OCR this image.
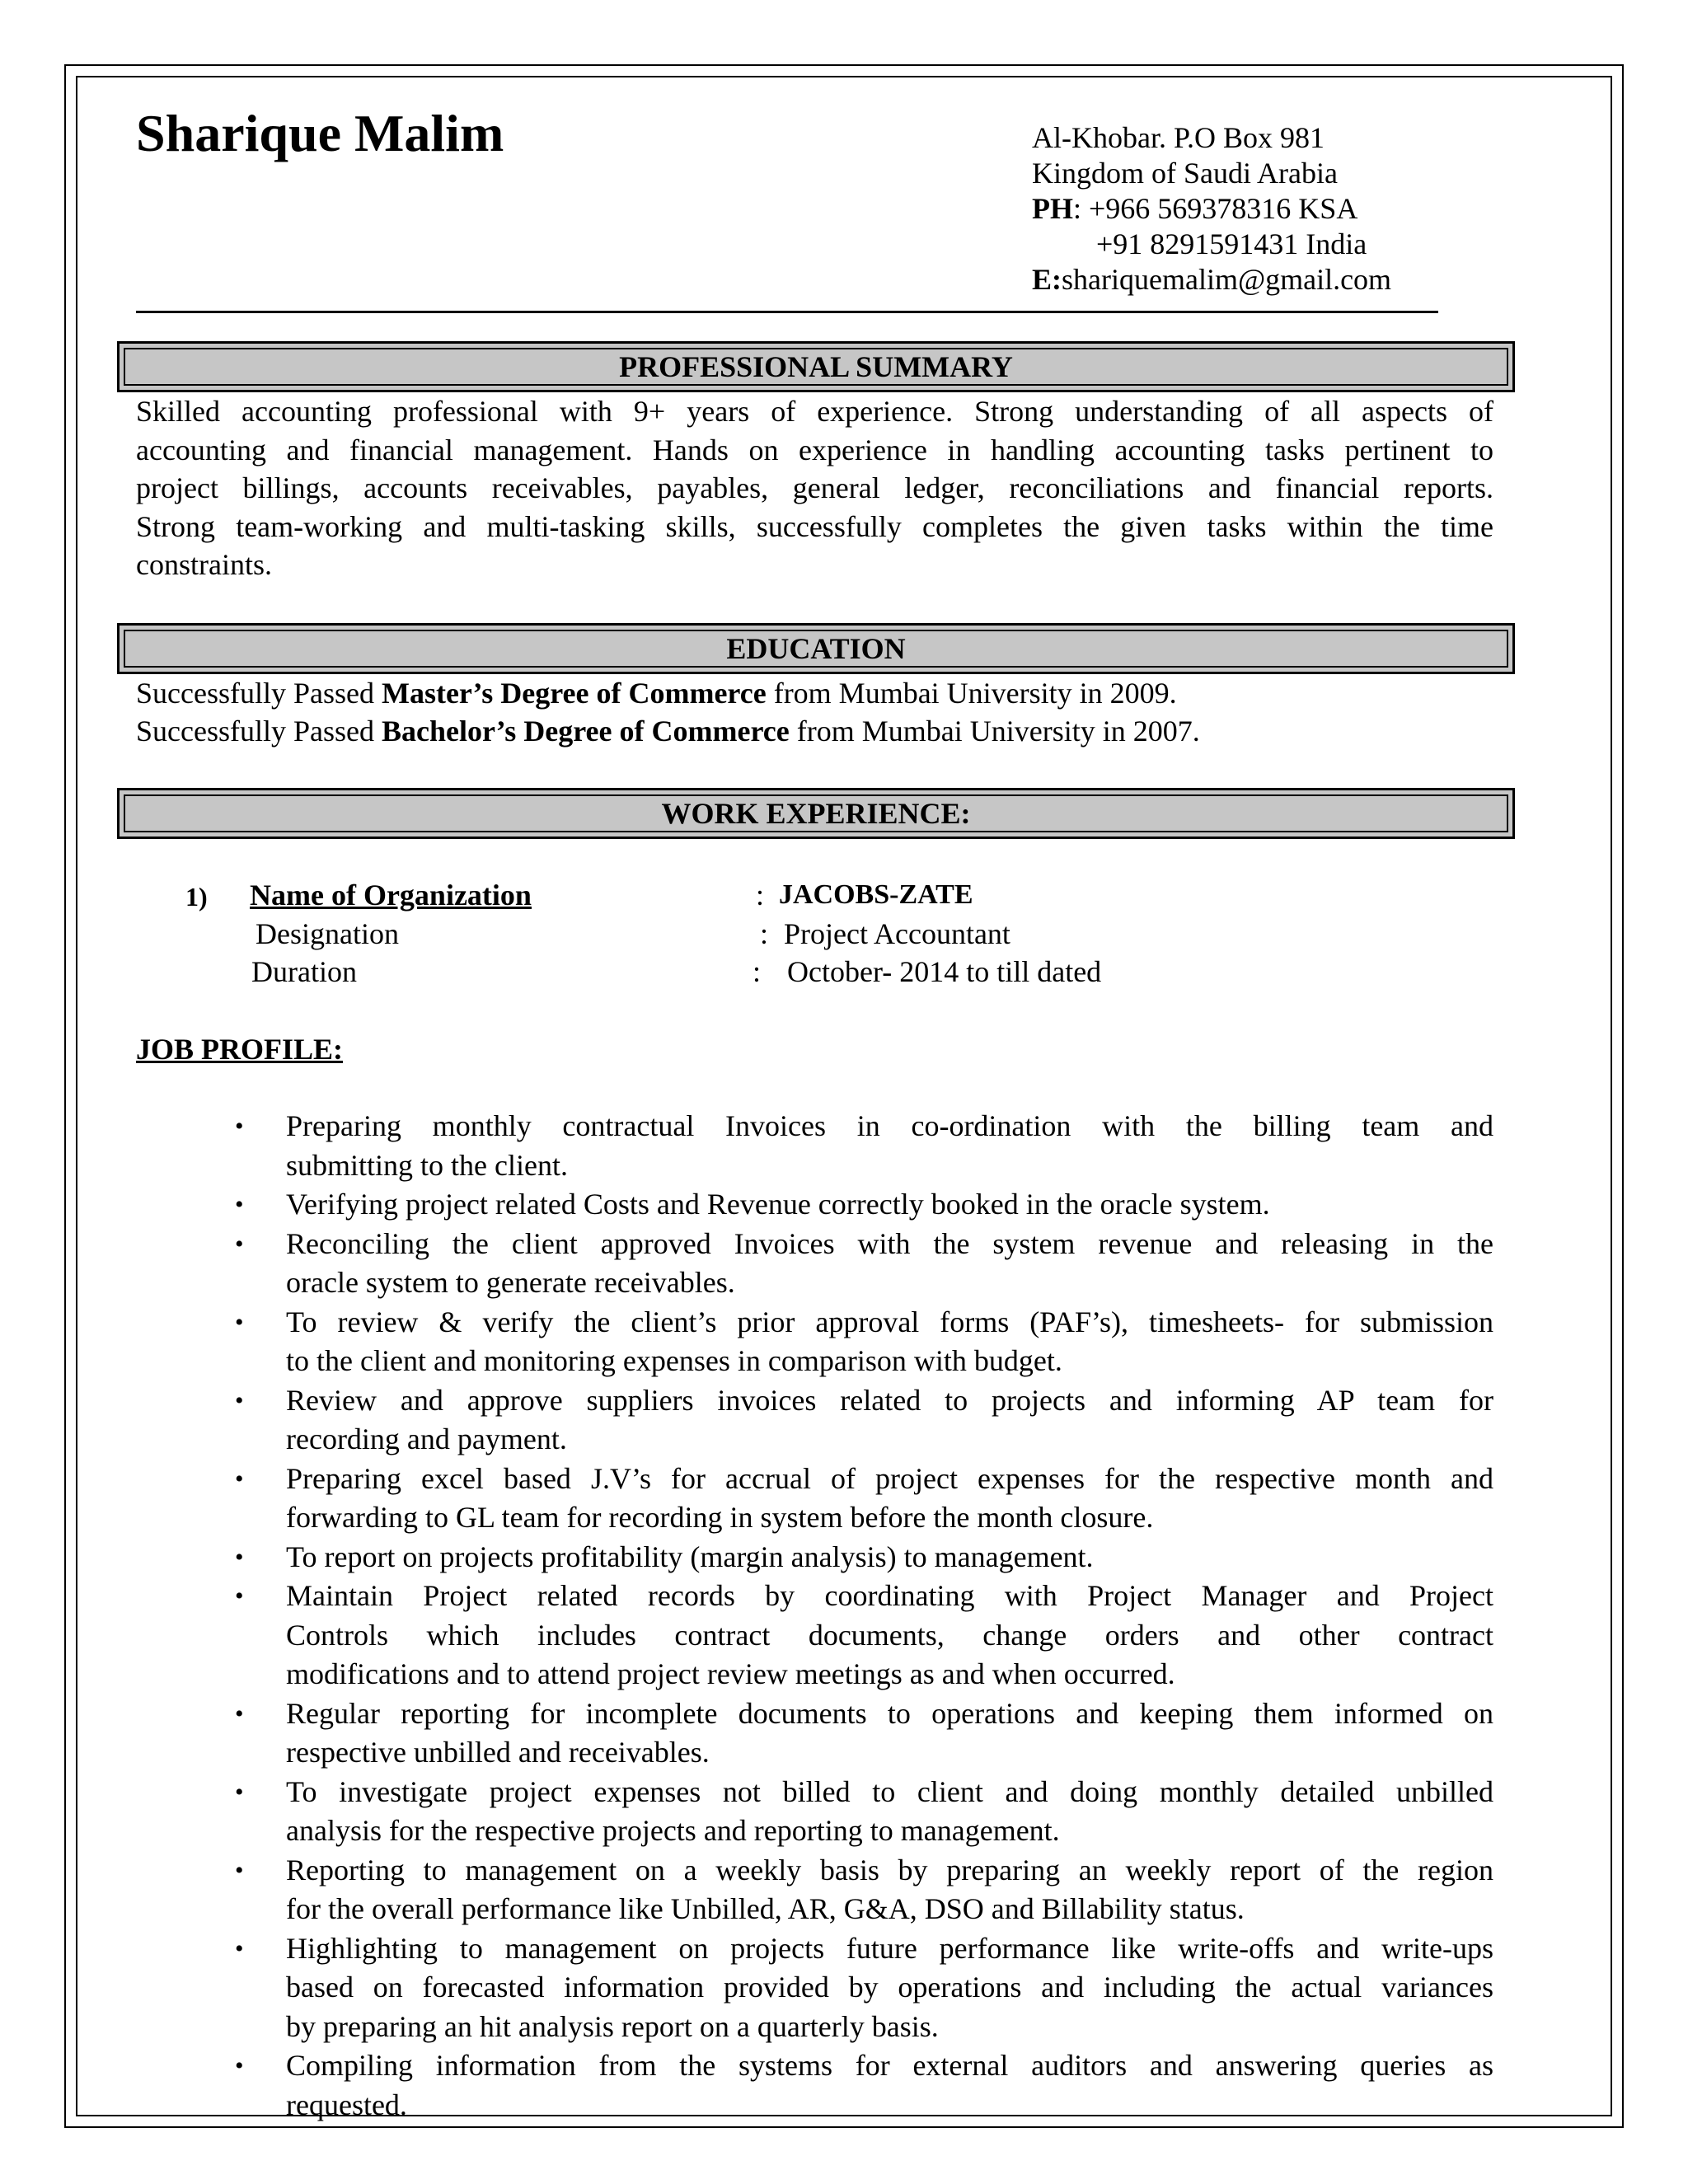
Sharique Malim	Al-Khobar. P.O Box 981
Kingdom of Saudi Arabia
PH: +966 569378316 KSA
+91 8291591431 India
E:shariquemalim@gmail.com
PROFESSIONAL SUMMARY
Skilled accounting professional with 9+ years of experience. Strong understanding of all aspects of
accounting and financial management. Hands on experience in handling accounting tasks pertinent to
project billings, accounts receivables, payables, general ledger, reconciliations and financial reports.
Strong team-working and multi-tasking skills, successfully completes the given tasks within the time
constraints.
EDUCATION
Successfully Passed Master’s Degree of Commerce from Mumbai University in 2009.
Successfully Passed Bachelor’s Degree of Commerce from Mumbai University in 2007.
WORK EXPERIENCE:
1) Name of Organization	: JACOBS-ZATE
Designation	: Project Accountant
Duration	: October- 2014 to till dated
JOB PROFILE:
• Preparing monthly contractual Invoices in co-ordination with the billing team and
submitting to the client.
• Verifying project related Costs and Revenue correctly booked in the oracle system.
• Reconciling the client approved Invoices with the system revenue and releasing in the
oracle system to generate receivables.
• To review & verify the client’s prior approval forms (PAF’s), timesheets- for submission
to the client and monitoring expenses in comparison with budget.
• Review and approve suppliers invoices related to projects and informing AP team for
recording and payment.
• Preparing excel based J.V’s for accrual of project expenses for the respective month and
forwarding to GL team for recording in system before the month closure.
• To report on projects profitability (margin analysis) to management.
• Maintain Project related records by coordinating with Project Manager and Project
Controls which includes contract documents, change orders and other contract
modifications and to attend project review meetings as and when occurred.
• Regular reporting for incomplete documents to operations and keeping them informed on
respective unbilled and receivables.
• To investigate project expenses not billed to client and doing monthly detailed unbilled
analysis for the respective projects and reporting to management.
• Reporting to management on a weekly basis by preparing an weekly report of the region
for the overall performance like Unbilled, AR, G&A, DSO and Billability status.
• Highlighting to management on projects future performance like write-offs and write-ups
based on forecasted information provided by operations and including the actual variances
by preparing an hit analysis report on a quarterly basis.
• Compiling information from the systems for external auditors and answering queries as
requested.
